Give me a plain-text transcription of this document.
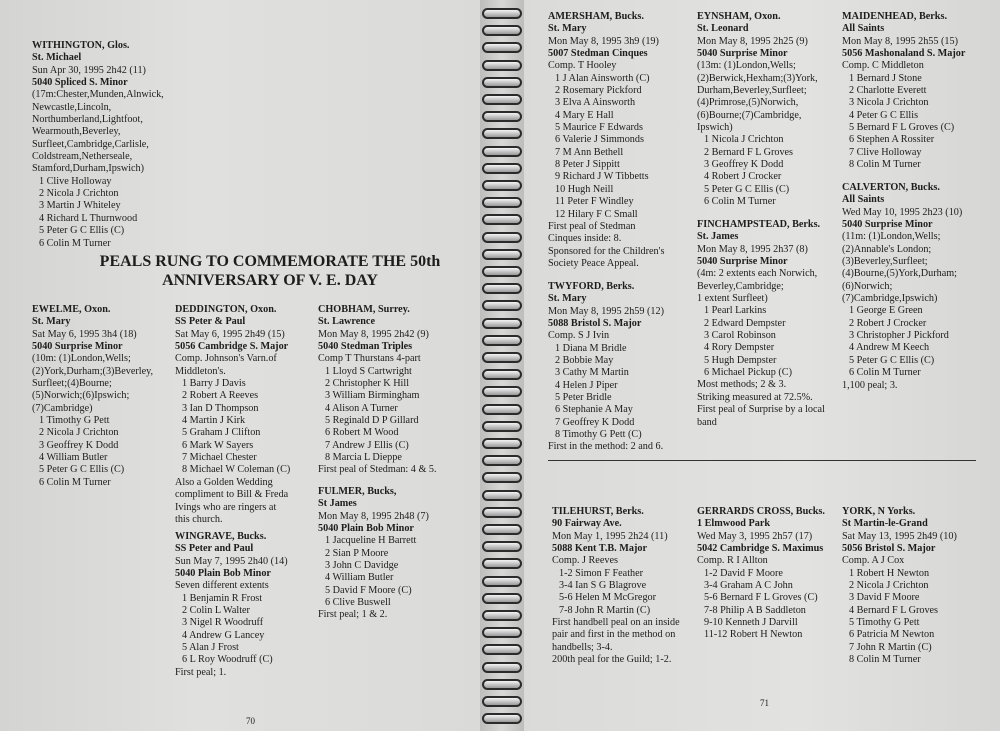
PEALS RUNG TO COMMEMORATE THE 50th
ANNIVERSARY OF V. E. DAY
WITHINGTON, Glos.
St. Michael
Sun Apr 30, 1995 2h42 (11)
5040 Spliced S. Minor
(17m:Chester,Munden,Alnwick,
Newcastle,Lincoln,
Northumberland,Lightfoot,
Wearmouth,Beverley,
Surfleet,Cambridge,Carlisle,
Coldstream,Netherseale,
Stamford,Durham,Ipswich)
1 Clive Holloway
2 Nicola J Crichton
3 Martin J Whiteley
4 Richard L Thurnwood
5 Peter G C Ellis (C)
6 Colin M Turner
EWELME, Oxon.
St. Mary
Sat May 6, 1995 3h4 (18)
5040 Surprise Minor
(10m: (1)London,Wells;
(2)York,Durham;(3)Beverley,
Surfleet;(4)Bourne;
(5)Norwich;(6)Ipswich;
(7)Cambridge)
1 Timothy G Pett
2 Nicola J Crichton
3 Geoffrey K Dodd
4 William Butler
5 Peter G C Ellis (C)
6 Colin M Turner
DEDDINGTON, Oxon.
SS Peter & Paul
Sat May 6, 1995 2h49 (15)
5056 Cambridge S. Major
Comp. Johnson's Varn.of
Middleton's.
1 Barry J Davis
2 Robert A Reeves
3 Ian D Thompson
4 Martin J Kirk
5 Graham J Clifton
6 Mark W Sayers
7 Michael Chester
8 Michael W Coleman (C)
Also a Golden Wedding
compliment to Bill & Freda
Ivings who are ringers at
this church.
WINGRAVE, Bucks.
SS Peter and Paul
Sun May 7, 1995 2h40 (14)
5040 Plain Bob Minor
Seven different extents
1 Benjamin R Frost
2 Colin L Walter
3 Nigel R Woodruff
4 Andrew G Lancey
5 Alan J Frost
6 L Roy Woodruff (C)
First peal; 1.
CHOBHAM, Surrey.
St. Lawrence
Mon May 8, 1995 2h42 (9)
5040 Stedman Triples
Comp T Thurstans 4-part
1 Lloyd S Cartwright
2 Christopher K Hill
3 William Birmingham
4 Alison A Turner
5 Reginald D P Gillard
6 Robert M Wood
7 Andrew J Ellis (C)
8 Marcia L Dieppe
First peal of Stedman: 4 & 5.
FULMER, Bucks,
St James
Mon May 8, 1995 2h48 (7)
5040 Plain Bob Minor
1 Jacqueline H Barrett
2 Sian P Moore
3 John C Davidge
4 William Butler
5 David F Moore (C)
6 Clive Buswell
First peal; 1 & 2.
AMERSHAM, Bucks.
St. Mary
Mon May 8, 1995 3h9 (19)
5007 Stedman Cinques
Comp. T Hooley
1 J Alan Ainsworth (C)
2 Rosemary Pickford
3 Elva A Ainsworth
4 Mary E Hall
5 Maurice F Edwards
6 Valerie J Simmonds
7 M Ann Bethell
8 Peter J Sippitt
9 Richard J W Tibbetts
10 Hugh Neill
11 Peter F Windley
12 Hilary F C Small
First peal of Stedman
Cinques inside: 8.
Sponsored for the Children's
Society Peace Appeal.
TWYFORD, Berks.
St. Mary
Mon May 8, 1995 2h59 (12)
5088 Bristol S. Major
Comp. S J Ivin
1 Diana M Bridle
2 Bobbie May
3 Cathy M Martin
4 Helen J Piper
5 Peter Bridle
6 Stephanie A May
7 Geoffrey K Dodd
8 Timothy G Pett (C)
First in the method: 2 and 6.
EYNSHAM, Oxon.
St. Leonard
Mon May 8, 1995 2h25 (9)
5040 Surprise Minor
(13m: (1)London,Wells;
(2)Berwick,Hexham;(3)York,
Durham,Beverley,Surfleet;
(4)Primrose,(5)Norwich,
(6)Bourne;(7)Cambridge,
Ipswich)
1 Nicola J Crichton
2 Bernard F L Groves
3 Geoffrey K Dodd
4 Robert J Crocker
5 Peter G C Ellis (C)
6 Colin M Turner
FINCHAMPSTEAD, Berks.
St. James
Mon May 8, 1995 2h37 (8)
5040 Surprise Minor
(4m: 2 extents each Norwich,
Beverley,Cambridge;
1 extent Surfleet)
1 Pearl Larkins
2 Edward Dempster
3 Carol Robinson
4 Rory Dempster
5 Hugh Dempster
6 Michael Pickup (C)
Most methods; 2 & 3.
Striking measured at 72.5%.
First peal of Surprise by a local
band
MAIDENHEAD, Berks.
All Saints
Mon May 8, 1995 2h55 (15)
5056 Mashonaland S. Major
Comp. C Middleton
1 Bernard J Stone
2 Charlotte Everett
3 Nicola J Crichton
4 Peter G C Ellis
5 Bernard F L Groves (C)
6 Stephen A Rossiter
7 Clive Holloway
8 Colin M Turner
CALVERTON, Bucks.
All Saints
Wed May 10, 1995 2h23 (10)
5040 Surprise Minor
(11m: (1)London,Wells;
(2)Annable's London;
(3)Beverley,Surfleet;
(4)Bourne,(5)York,Durham;
(6)Norwich;
(7)Cambridge,Ipswich)
1 George E Green
2 Robert J Crocker
3 Christopher J Pickford
4 Andrew M Keech
5 Peter G C Ellis (C)
6 Colin M Turner
1,100 peal; 3.
TILEHURST, Berks.
90 Fairway Ave.
Mon May 1, 1995 2h24 (11)
5088 Kent T.B. Major
Comp. J Reeves
1-2 Simon F Feather
3-4 Ian S G Blagrove
5-6 Helen M McGregor
7-8 John R Martin (C)
First handbell peal on an inside
pair and first in the method on
handbells; 3-4.
200th peal for the Guild; 1-2.
GERRARDS CROSS, Bucks.
1 Elmwood Park
Wed May 3, 1995 2h57 (17)
5042 Cambridge S. Maximus
Comp. R I Allton
1-2 David F Moore
3-4 Graham A C John
5-6 Bernard F L Groves (C)
7-8 Philip A B Saddleton
9-10 Kenneth J Darvill
11-12 Robert H Newton
YORK, N Yorks.
St Martin-le-Grand
Sat May 13, 1995 2h49 (10)
5056 Bristol S. Major
Comp. A J Cox
1 Robert H Newton
2 Nicola J Crichton
3 David F Moore
4 Bernard F L Groves
5 Timothy G Pett
6 Patricia M Newton
7 John R Martin (C)
8 Colin M Turner
70
71
